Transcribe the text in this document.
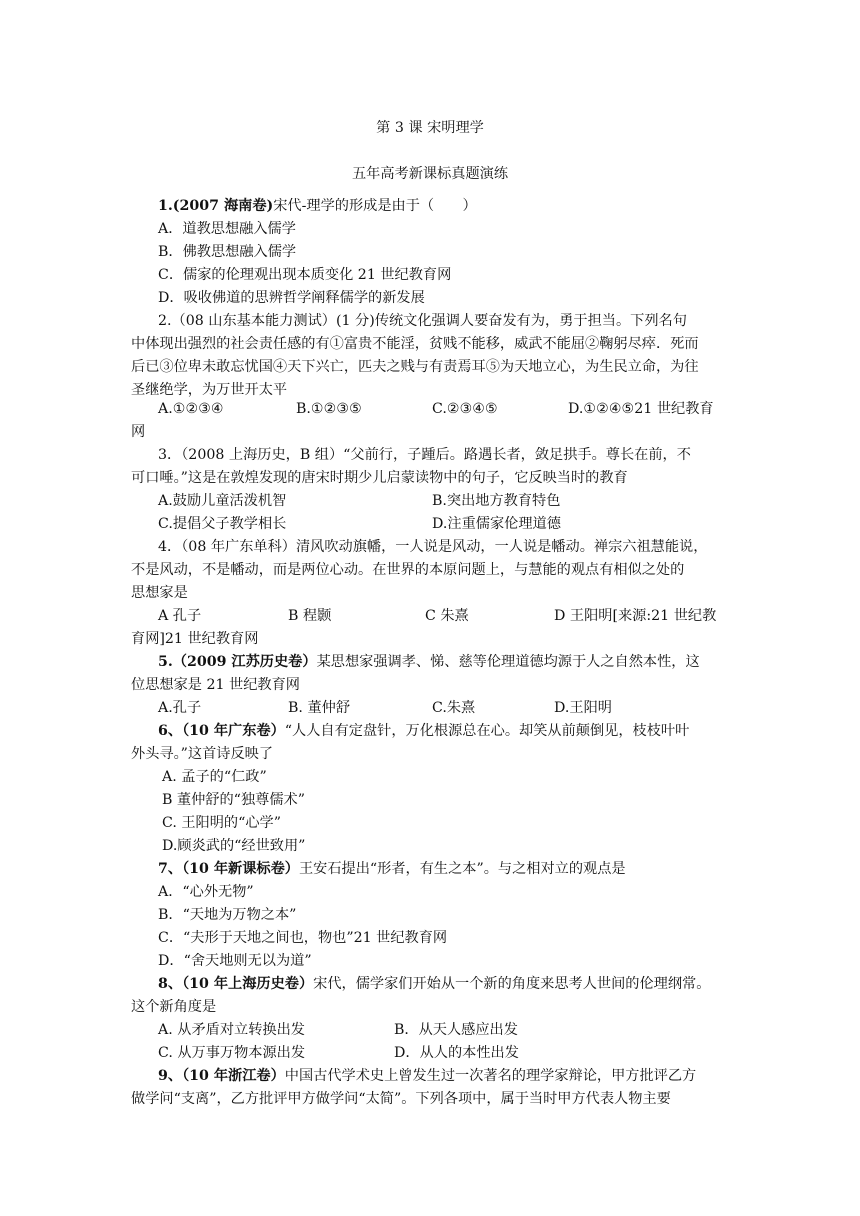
第 3 课 宋明理学
五年高考新课标真题演练
1.(2007 海南卷)宋代-理学的形成是由于（　　）
A．道教思想融入儒学
B．佛教思想融入儒学
C．儒家的伦理观出现本质变化 21 世纪教育网
D．吸收佛道的思辨哲学阐释儒学的新发展
2.（08 山东基本能力测试）(1 分)传统文化强调人要奋发有为，勇于担当。下列名句
中体现出强烈的社会责任感的有①富贵不能淫，贫贱不能移，威武不能屈②鞠躬尽瘁．死而
后已③位卑未敢忘忧国④天下兴亡，匹夫之贱与有责焉耳⑤为天地立心，为生民立命，为往
圣继绝学，为万世开太平
A.①②③④	B.①②③⑤	C.②③④⑤	D.①②④⑤21 世纪教育
网
3．（2008 上海历史，B 组）“父前行，子踵后。路遇长者，敛足拱手。尊长在前，不
可口唾。”这是在敦煌发现的唐宋时期少儿启蒙读物中的句子，它反映当时的教育
A.鼓励儿童活泼机智	B.突出地方教育特色
C.提倡父子教学相长	D.注重儒家伦理道德
4．（08 年广东单科）清风吹动旗幡，一人说是风动，一人说是幡动。禅宗六祖慧能说，
不是风动，不是幡动，而是两位心动。在世界的本原问题上，与慧能的观点有相似之处的
思想家是
A 孔子	B 程颢	C 朱熹	D 王阳明[来源:21 世纪教
育网]21 世纪教育网
5.（2009 江苏历史卷）某思想家强调孝、悌、慈等伦理道德均源于人之自然本性，这
位思想家是 21 世纪教育网
A.孔子	B. 董仲舒	C.朱熹	D.王阳明
6、（10 年广东卷）“人人自有定盘针，万化根源总在心。却笑从前颠倒见，枝枝叶叶
外头寻。”这首诗反映了
A. 孟子的“仁政”
B 董仲舒的“独尊儒术”
C. 王阳明的“心学”
D.顾炎武的“经世致用”
7、（10 年新课标卷）王安石提出“形者，有生之本”。与之相对立的观点是
A．“心外无物”
B．“天地为万物之本”
C．“夫形于天地之间也，物也”21 世纪教育网
D．“舍天地则无以为道”
8、（10 年上海历史卷）宋代，儒学家们开始从一个新的角度来思考人世间的伦理纲常。
这个新角度是
A. 从矛盾对立转换出发	B．从天人感应出发
C. 从万事万物本源出发	D．从人的本性出发
9、（10 年浙江卷）中国古代学术史上曾发生过一次著名的理学家辩论，甲方批评乙方
做学问“支离”，乙方批评甲方做学问“太简”。下列各项中，属于当时甲方代表人物主要
